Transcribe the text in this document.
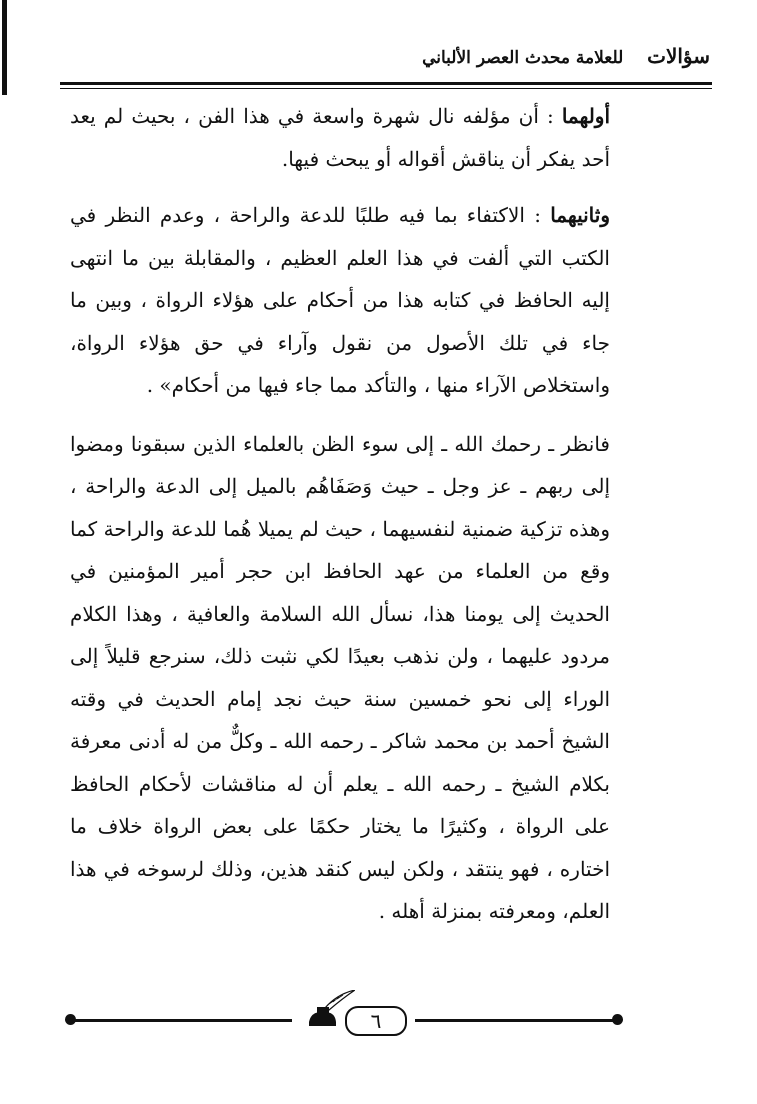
سؤالات  للعلامة محدث العصر الألباني

أولهما : أن مؤلفه نال شهرة واسعة في هذا الفن ، بحيث لم يعد أحد يفكر أن يناقش أقواله أو يبحث فيها.

وثانيهما : الاكتفاء بما فيه طلبًا للدعة والراحة ، وعدم النظر في الكتب التي ألفت في هذا العلم العظيم ، والمقابلة بين ما انتهى إليه الحافظ في كتابه هذا من أحكام على هؤلاء الرواة ، وبين ما جاء في تلك الأصول من نقول وآراء في حق هؤلاء الرواة، واستخلاص الآراء منها ، والتأكد مما جاء فيها من أحكام» .

فانظر ـ رحمك الله ـ إلى سوء الظن بالعلماء الذين سبقونا ومضوا إلى ربهم ـ عز وجل ـ حيث وَصَفَاهُم بالميل إلى الدعة والراحة ، وهذه تزكية ضمنية لنفسيهما ، حيث لم يميلا هُما للدعة والراحة كما وقع من العلماء من عهد الحافظ ابن حجر أمير المؤمنين في الحديث إلى يومنا هذا، نسأل الله السلامة والعافية ، وهذا الكلام مردود عليهما ، ولن نذهب بعيدًا لكي نثبت ذلك، سنرجع قليلاً إلى الوراء إلى نحو خمسين سنة حيث نجد إمام الحديث في وقته الشيخ أحمد بن محمد شاكر ـ رحمه الله ـ وكلٌّ من له أدنى معرفة بكلام الشيخ ـ رحمه الله ـ يعلم أن له مناقشات لأحكام الحافظ على الرواة ، وكثيرًا ما يختار حكمًا على بعض الرواة خلاف ما اختاره ، فهو ينتقد ، ولكن ليس كنقد هذين، وذلك لرسوخه في هذا العلم، ومعرفته بمنزلة أهله .

٦
